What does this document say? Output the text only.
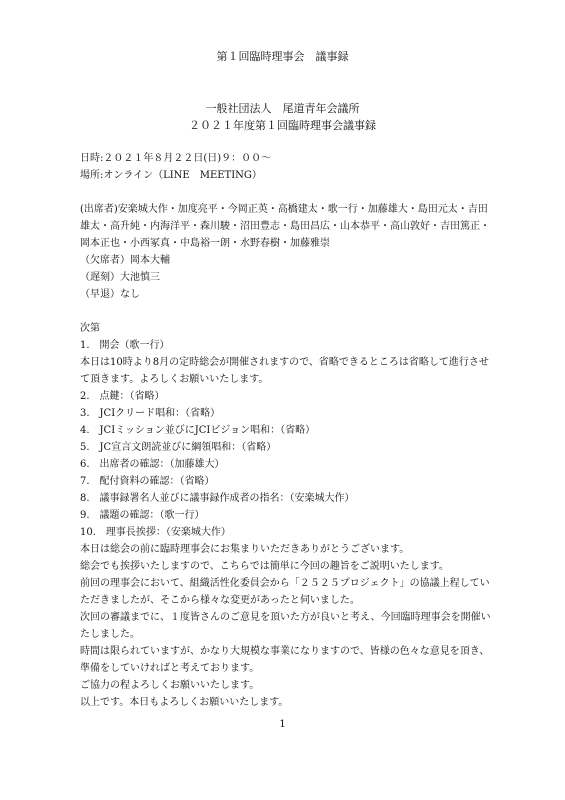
第１回臨時理事会　議事録
一般社団法人　尾道青年会議所
２０２１年度第１回臨時理事会議事録
日時:２０２１年８月２２日(日)９：００～
場所:オンライン（LINE　MEETING）
(出席者)安楽城大作・加度亮平・今岡正英・高橋建太・歌一行・加藤雄大・島田元太・吉田雄太・高升純・内海洋平・森川駿・沼田豊志・島田昌広・山本恭平・高山敦好・吉田篤正・岡本正也・小西冢真・中島裕一朗・水野春樹・加藤雅崇
（欠席者）岡本大輔
（遅刻）大池慎三
（早退）なし
次第
1.　開会（歌一行）
本日は10時より8月の定時総会が開催されますので、省略できるところは省略して進行させて頂きます。よろしくお願いいたします。
2.　点鍵：（省略）
3.　JCIクリード唱和：（省略）
4.　JCIミッション並びにJCIビジョン唱和：（省略）
5.　JC宣言文朗読並びに綱領唱和：（省略）
6.　出席者の確認：（加藤雄大）
7.　配付資料の確認：（省略）
8.　議事録署名人並びに議事録作成者の指名：（安楽城大作）
9.　議題の確認：（歌一行）
10.　理事長挨拶：（安楽城大作）
本日は総会の前に臨時理事会にお集まりいただきありがとうございます。
総会でも挨拶いたしますので、こちらでは簡単に今回の趣旨をご説明いたします。
前回の理事会において、組織活性化委員会から「２５２５プロジェクト」の協議上程していただきましたが、そこから様々な変更があったと伺いました。
次回の審議までに、１度皆さんのご意見を頂いた方が良いと考え、今回臨時理事会を開催いたしました。
時間は限られていますが、かなり大規模な事業になりますので、皆様の色々な意見を頂き、準備をしていければと考えております。
ご協力の程よろしくお願いいたします。
以上です。本日もよろしくお願いいたします。
1
